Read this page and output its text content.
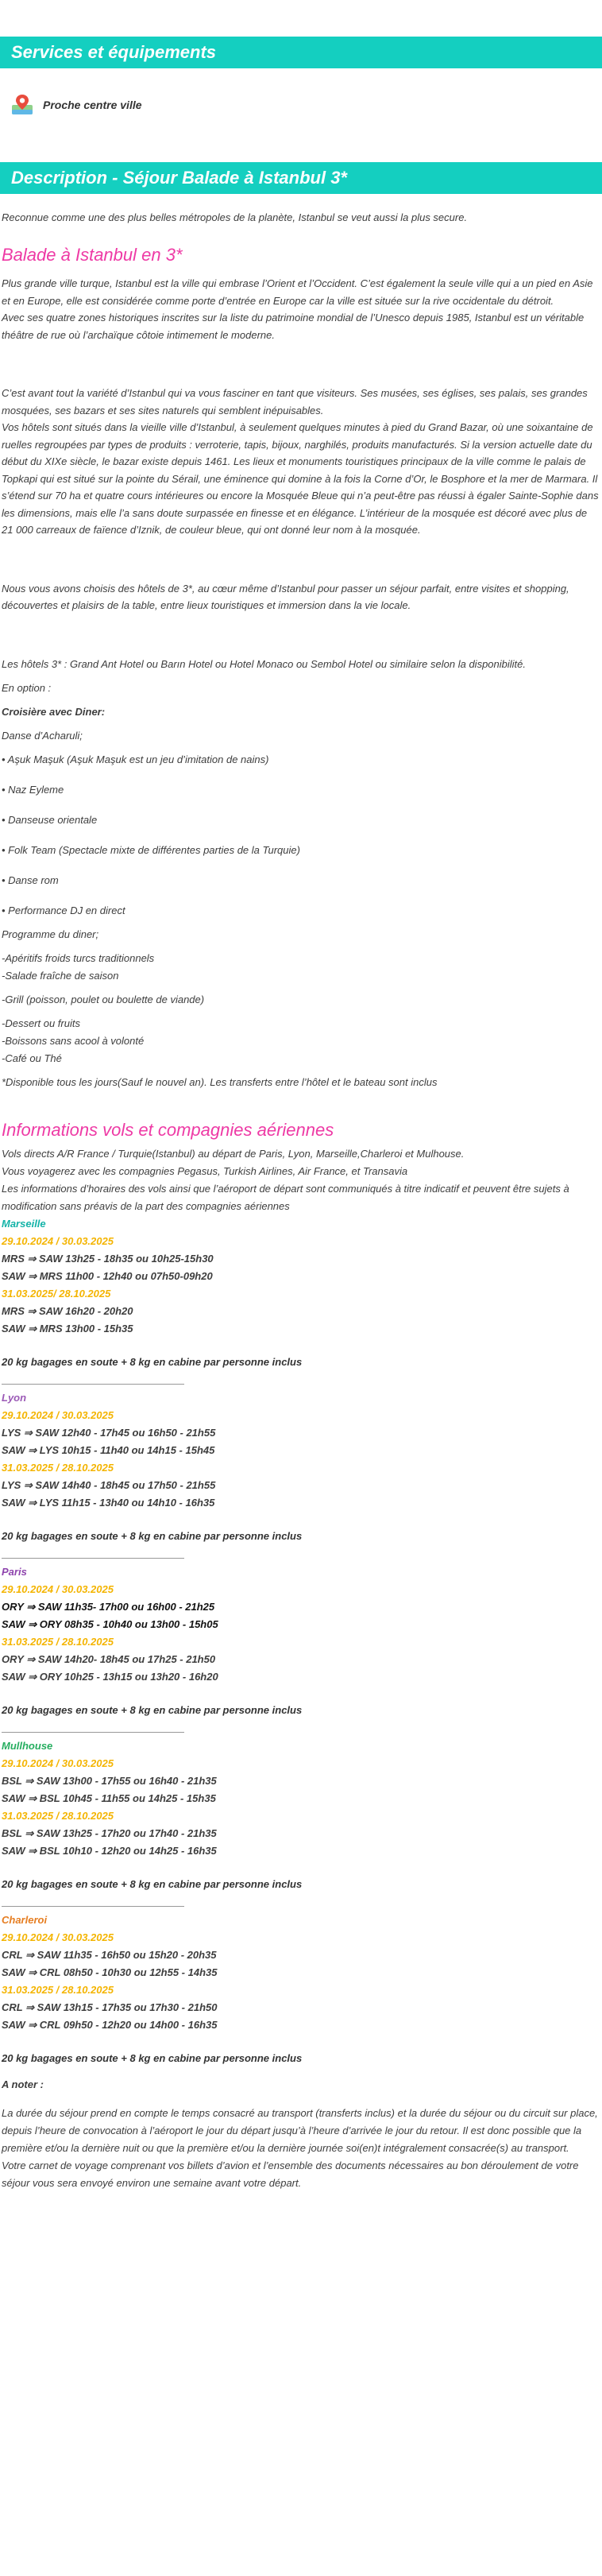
Services et équipements
Proche centre ville
Description - Séjour Balade à Istanbul 3*

Reconnue comme une des plus belles métropoles de la planète, Istanbul se veut aussi la plus secure.

Balade à Istanbul en 3*

Plus grande ville turque, Istanbul est la ville qui embrase l’Orient et l’Occident. C’est également la seule ville qui a un pied en Asie et en Europe, elle est considérée comme porte d’entrée en Europe car la ville est située sur la rive occidentale du détroit.

Avec ses quatre zones historiques inscrites sur la liste du patrimoine mondial de l’Unesco depuis 1985, Istanbul est un véritable théâtre de rue où l’archaïque côtoie intimement le moderne.

C’est avant tout la variété d’Istanbul qui va vous fasciner en tant que visiteurs. Ses musées, ses églises, ses palais, ses grandes mosquées, ses bazars et ses sites naturels qui semblent inépuisables.

Vos hôtels sont situés dans la vieille ville d’Istanbul, à seulement quelques minutes à pied du Grand Bazar, où une soixantaine de ruelles regroupées par types de produits : verroterie, tapis, bijoux, narghilés, produits manufacturés. Si la version actuelle date du début du XIXe siècle, le bazar existe depuis 1461. Les lieux et monuments touristiques principaux de la ville comme le palais de Topkapi qui est situé sur la pointe du Sérail, une éminence qui domine à la fois la Corne d’Or, le Bosphore et la mer de Marmara. Il s’étend sur 70 ha et quatre cours intérieures ou encore la Mosquée Bleue qui n’a peut-être pas réussi à égaler Sainte-Sophie dans les dimensions, mais elle l’a sans doute surpassée en finesse et en élégance. L’intérieur de la mosquée est décoré avec plus de 21 000 carreaux de faïence d’Iznik, de couleur bleue, qui ont donné leur nom à la mosquée.

Nous vous avons choisis des hôtels de 3*, au cœur même d’Istanbul pour passer un séjour parfait, entre visites et shopping, découvertes et plaisirs de la table, entre lieux touristiques et immersion dans la vie locale.

Les hôtels 3* : Grand Ant Hotel ou Barın Hotel ou Hotel Monaco ou Sembol Hotel ou similaire selon la disponibilité.

En option :

Croisière avec Diner:

Danse d’Acharuli;

• Aşuk Maşuk (Aşuk Maşuk est un jeu d’imitation de nains)

• Naz Eyleme

• Danseuse orientale

• Folk Team (Spectacle mixte de différentes parties de la Turquie)

• Danse rom

• Performance DJ en direct

Programme du diner;

-Apéritifs froids turcs traditionnels

-Salade fraîche de saison

-Grill (poisson, poulet ou boulette de viande)

-Dessert ou fruits

-Boissons sans acool à volonté

-Café ou Thé

*Disponible tous les jours(Sauf le nouvel an). Les transferts entre l’hôtel et le bateau sont inclus

Informations vols et compagnies aériennes

Vols directs A/R France / Turquie(Istanbul) au départ de Paris, Lyon, Marseille,Charleroi et Mulhouse.

Vous voyagerez avec les compagnies Pegasus, Turkish Airlines, Air France, et Transavia

Les informations d’horaires des vols ainsi que l’aéroport de départ sont communiqués à titre indicatif et peuvent être sujets à modification sans préavis de la part des compagnies aériennes

Marseille

29.10.2024 / 30.03.2025

MRS ⇒ SAW 13h25 - 18h35 ou 10h25-15h30

SAW ⇒ MRS 11h00 - 12h40 ou 07h50-09h20

31.03.2025/ 28.10.2025

MRS ⇒ SAW 16h20 - 20h20

SAW ⇒ MRS 13h00 - 15h35

20 kg bagages en soute + 8 kg en cabine par personne inclus

Lyon

29.10.2024 / 30.03.2025

LYS ⇒ SAW 12h40 - 17h45 ou 16h50 - 21h55

SAW ⇒ LYS 10h15 - 11h40 ou 14h15 - 15h45

31.03.2025 / 28.10.2025

LYS ⇒ SAW 14h40 - 18h45 ou 17h50 - 21h55

SAW ⇒ LYS 11h15 - 13h40 ou 14h10 - 16h35

20 kg bagages en soute + 8 kg en cabine par personne inclus

Paris

29.10.2024 / 30.03.2025

ORY ⇒ SAW 11h35- 17h00 ou 16h00 - 21h25

SAW ⇒ ORY 08h35 - 10h40 ou 13h00 - 15h05

31.03.2025 / 28.10.2025

ORY ⇒ SAW 14h20- 18h45 ou 17h25 - 21h50

SAW ⇒ ORY 10h25 - 13h15 ou 13h20 - 16h20

20 kg bagages en soute + 8 kg en cabine par personne inclus

Mullhouse

29.10.2024 / 30.03.2025

BSL ⇒ SAW 13h00 - 17h55 ou 16h40 - 21h35

SAW ⇒ BSL 10h45 - 11h55 ou 14h25 - 15h35

31.03.2025 / 28.10.2025

BSL ⇒ SAW 13h25 - 17h20 ou 17h40 - 21h35

SAW ⇒ BSL 10h10 - 12h20 ou 14h25 - 16h35

20 kg bagages en soute + 8 kg en cabine par personne inclus

Charleroi

29.10.2024 / 30.03.2025

CRL ⇒ SAW 11h35 - 16h50 ou 15h20 - 20h35

SAW ⇒ CRL 08h50 - 10h30 ou 12h55 - 14h35

31.03.2025 / 28.10.2025

CRL ⇒ SAW 13h15 - 17h35 ou 17h30 - 21h50

SAW ⇒ CRL 09h50 - 12h20 ou 14h00 - 16h35

20 kg bagages en soute + 8 kg en cabine par personne inclus

A noter :

La durée du séjour prend en compte le temps consacré au transport (transferts inclus) et la durée du séjour ou du circuit sur place, depuis l’heure de convocation à l’aéroport le jour du départ jusqu’à l’heure d’arrivée le jour du retour. Il est donc possible que la première et/ou la dernière nuit ou que la première et/ou la dernière journée soi(en)t intégralement consacrée(s) au transport.

Votre carnet de voyage comprenant vos billets d’avion et l’ensemble des documents nécessaires au bon déroulement de votre séjour vous sera envoyé environ une semaine avant votre départ.
